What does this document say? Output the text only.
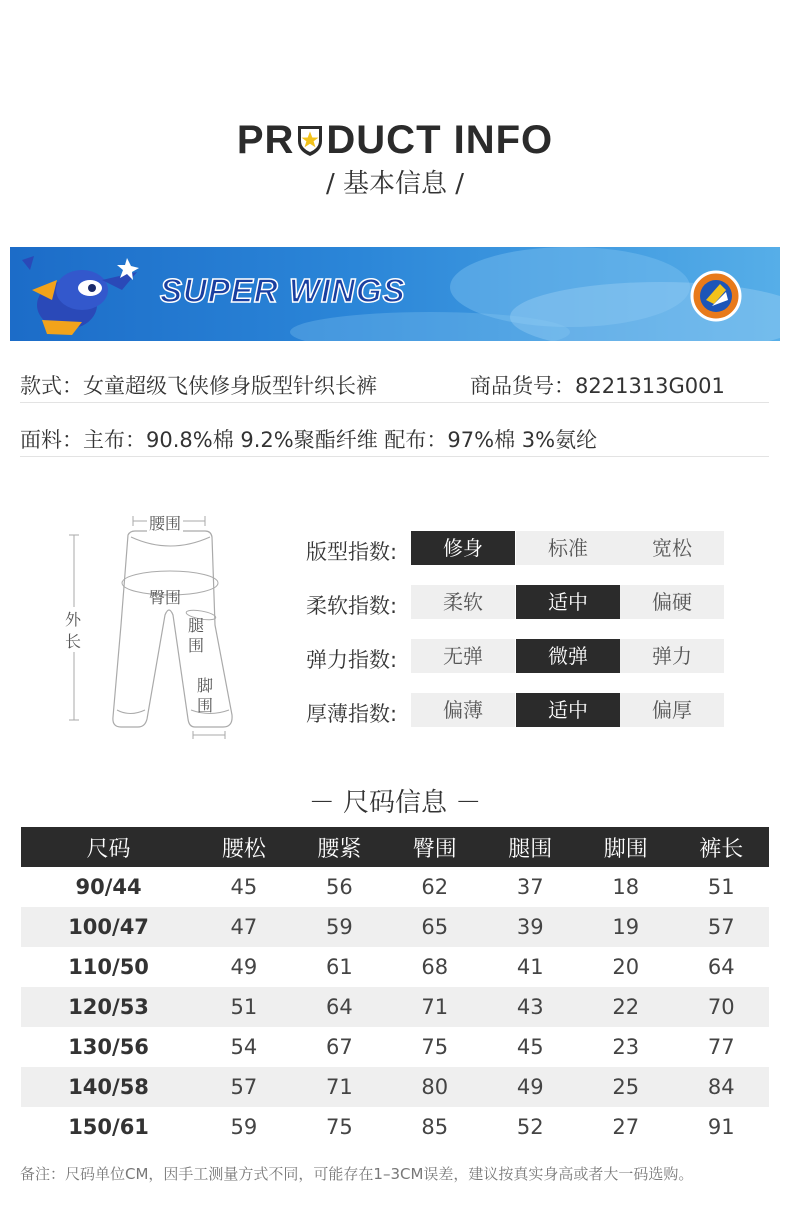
PR DUCT INFO
/ 基本信息 /
SUPER WINGS
款式：女童超级飞侠修身版型针织长裤	商品货号：8221313G001
面料：主布：90.8%棉 9.2%聚酯纤维 配布：97%棉 3%氨纶
腰围
臀围
腿
围
脚
围
外
长
版型指数:	修身	标准	宽松
柔软指数:	柔软	适中	偏硬
弹力指数:	无弹	微弹	弹力
厚薄指数:	偏薄	适中	偏厚
－ 尺码信息 －
尺码	腰松	腰紧	臀围	腿围	脚围	裤长
90/44	45	56	62	37	18	51
100/47	47	59	65	39	19	57
110/50	49	61	68	41	20	64
120/53	51	64	71	43	22	70
130/56	54	67	75	45	23	77
140/58	57	71	80	49	25	84
150/61	59	75	85	52	27	91
备注：尺码单位CM，因手工测量方式不同，可能存在1–3CM误差，建议按真实身高或者大一码选购。
